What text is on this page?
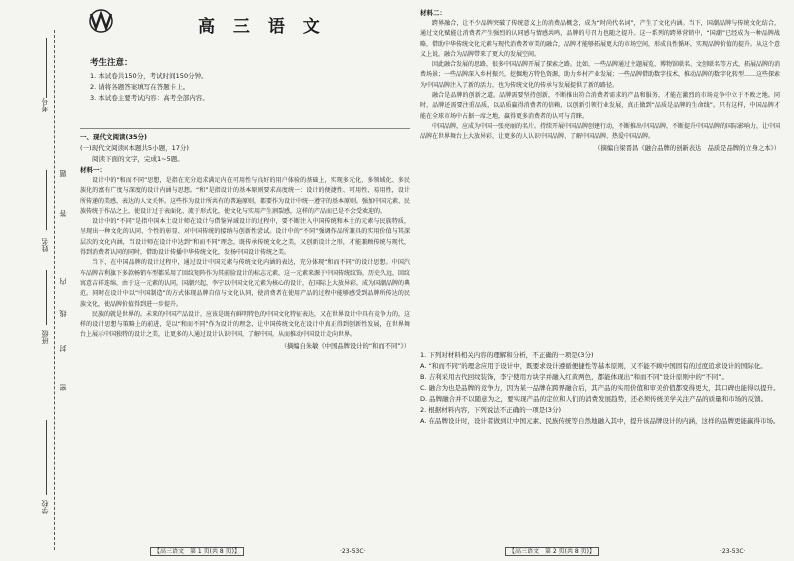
考号
姓名
班级
学校
题
答
内
线
封
密
高 三 语 文
考生注意：
1. 本试卷共150分，考试时间150分钟。
2. 请将各题答案填写在答题卡上。
3. 本试卷主要考试内容：高考全部内容。
一、现代文阅读(35分)
(一)现代文阅读Ⅰ(本题共5小题，17分)
阅读下面的文字，完成1~5题。
材料一：

设计中的“和而不同”思想，是指在充分追求满足内在可用性与良好的用户体验的基础上，实现多元化、多领域化、多民族化的富有广度与深度的设计内涵与思想。“和”是指设计的基本原则要求高度统一：设计的便捷性、可用性、易用性，设计所传递的美感，表达的人文关怀。这些作为设计所共有的普遍原则，都要作为设计中统一遵守的基本原则。强加中国元素、民族传统于作品之上，使设计过于表面化、流于形式化，使文化与实用产生割裂感，这样的产品而已是不会受欢迎的。

设计中的“不同”是指中国本土设计师在设计与借鉴异域设计的过程中，要不断注入中国传统和本土的元素与民族特质，呈现出一种文化的认同、个性的彰显、对中国传统的接纳与创新性尝试。设计中的“不同”强调作品所兼具的实用价值与其深层次的文化内涵，当设计师在设计中达到“和而不同”理念，既传承传统文化之美，又创新设计之形，才能兼顾传统与现代，得到消费者认同的同时，借助设计传播中华传统文化，发扬中国设计传统之美。

当下，在中国品牌的设计过程中，通过设计中国元素与传统文化内涵的表达，充分体现“和而不同”的设计思想。中国汽车品牌吉利旗下多款畅销车型都采用了回纹矩阵作为其前脸设计的标志元素，这一元素来源于中国传统纹饰，历史久远，回纹寓意吉祥连绵，由于这一元素的认同，国潮兴起，李宁以中国文化元素为核心的设计，在国际上大放异彩，成为国潮品牌的典范。同时在设计中以“中国制造”的方式体现品牌自信与文化认同，使消费者在使用产品的过程中能够感受到品牌所传达的民族文化，使品牌价值得到进一步提升。

民族的就是世界的。未来的中国产品设计，应该是既有鲜明特色的中国文化特征表达，又在世界设计中具有竞争力的，这样的设计思想与策略上的前进，是以“和而不同”作为设计的理念，让中国传统文化在设计中真正得到创新性发展，在世界舞台上展示中国独特的设计之美，让更多的人通过设计认识中国，了解中国，从而推动中国设计走向世界。

（摘编自朱敏《中国品牌设计的“和而不同”》）
【高三语文　第 1 页(共 8 页)】	·23-53C·
材料二：

跨界融合，让不少品牌突破了传统意义上的消费品概念，成为“时尚代名词”，产生了文化内涵。当下，国潮品牌与传统文化结合，通过文化赋能让消费者产生强烈的认同感与情感共鸣，品牌的号召力也随之提升。这一系列的跨界营销中，“国潮”已经成为一种品牌战略，借助中华传统文化元素与现代消费者审美的融合，品牌才能够拓展更大的市场空间，形成良性循环，实现品牌价值的提升。从这个意义上说，融合为品牌带来了更大的发展空间。

因此融合发展的思路，很多中国品牌开展了探索之路。比如，一些品牌通过主题展览、博物馆联名、文创联名等方式，拓展品牌的消费场景；一些品牌深入乡村振兴，挖掘地方特色资源，助力乡村产业发展；一些品牌借助数字技术，推动品牌的数字化转型……这些探索为中国品牌注入了新的活力，也为传统文化的传承与发展提供了新的路径。

融合是品牌的创新之道。品牌需要坚持创新，不断推出符合消费者需求的产品和服务，才能在激烈的市场竞争中立于不败之地。同时，品牌还需要注重品质，以品质赢得消费者的信赖，以创新引领行业发展，真正做到“品质是品牌的生命线”。只有这样，中国品牌才能在全球市场中占据一席之地，赢得更多消费者的认可与青睐。

中国品牌，应成为中国一张亮丽的名片。持续开展中国品牌创建行动，不断推出中国品牌，不断提升中国品牌的国际影响力，让中国品牌在世界舞台上大放异彩，让更多的人认识中国品牌、了解中国品牌、热爱中国品牌。

（摘编自梁晋昌《融合品牌的创新表达　品质是品牌的立身之本》）

1. 下列对材料相关内容的理解和分析，不正确的一项是(3分)

A. “和而不同”的理念应用于设计中，既要求设计遵循便捷性等基本原则，又不能不顾中国固有的过度追求设计的国际化。

B. 吉利采用古代回纹装饰，李宁使用方块字并融入红黄两色，都能体现出“和而不同”设计原则中的“不同”。

C. 融合为也是品牌的竞争力，因为某一品牌在跨界融合后，其产品的实用价值和审美价值都变得更大，其口碑也能得以提升。

D. 品牌融合并不以随意为之，要实现产品的定位和人们的消费发展趋势，还必须传统美学关注产品的质量和市场的反馈。

2. 根据材料内容，下列说法不正确的一项是(3分)

A. 在品牌设计时，设计者做到让中国元素、民族传统等自然地融入其中，提升该品牌设计的内涵，这样的品牌更能赢得市场。

【高三语文　第 2 页(共 8 页)】	·23-53C·
